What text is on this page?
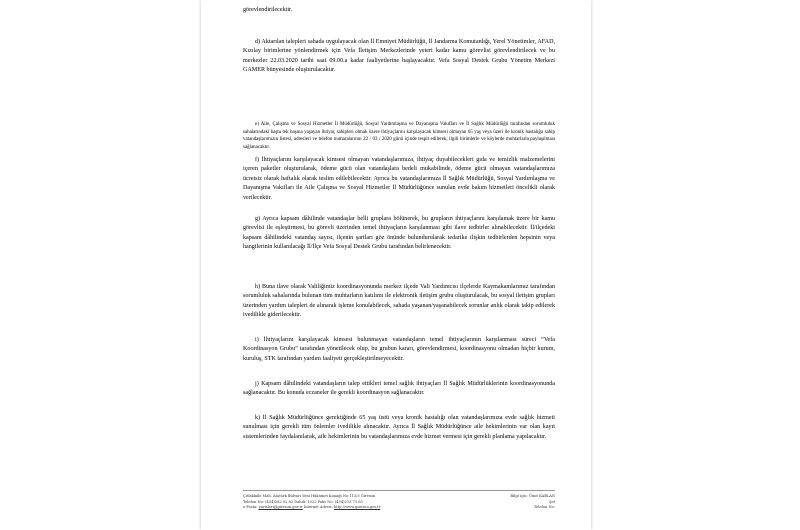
görevlendirilecektir.

d) Aktarılan talepleri sahada uygulayacak olan İl Emniyet Müdürlüğü, İl Jandarma Komutanlığı, Yerel Yönetimler, AFAD, Kızılay birimlerine yönlendirmek için Vefa İletişim Merkezlerinde yeteri kadar kamu görevlisi görevlendirilecek ve bu merkezler 22.03.2020 tarihi saat 09.00.a kadar faaliyetlerine başlayacaktır. Vefa Sosyal Destek Grubu Yönetim Merkezi GAMER bünyesinde oluşturulacaktır.

e) Aile, Çalışma ve Sosyal Hizmetler İl Müdürlüğü, Sosyal Yardımlaşma ve Dayanışma Vakıfları ve İl Sağlık Müdürlüğü tarafından sorumluluk sahalarındaki başta tek başına yaşayan ihtiyaç sahipleri olmak üzere ihtiyaçlarını karşılayacak kimsesi olmayan 65 yaş veya üzeri ile kronik hastalığa sahip vatandaşlarımızın listesi, adresleri ve telefon numaralarının 22 / 03 / 2020 günü içinde tespit edilerek, ilgili birimlerle ve köylerde muhtarlarla paylaşılması sağlanacaktır.

f) İhtiyaçlarını karşılayacak kimsesi olmayan vatandaşlarımıza, ihtiyaç duyabilecekleri gıda ve temizlik malzemelerini içeren paketler oluşturularak, ödeme gücü olan vatandaşlara bedeli mukabilinde, ödeme gücü olmayan vatandaşlarımıza ücretsiz olarak haftalık olarak teslim edilebilecektir. Ayrıca bu vatandaşlarımıza İl Sağlık Müdürlüğü, Sosyal Yardımlaşma ve Dayanışma Vakıfları ile Aile Çalışma ve Sosyal Hizmetler İl Müdürlüğünce sunulan evde bakım hizmetleri öncelikli olarak verilecektir.

g) Ayrıca kapsam dâhilinde vatandaşlar belli gruplara bölünerek, bu grupların ihtiyaçlarını karşılamak üzere bir kamu görevlisi ile eşleştirmesi, bu görevli üzerinden temel ihtiyaçların karşılanması gibi ilave tedbirler alınabilecektir. İl/ilçedeki kapsam dâhilindeki vatandaş sayısı, ilçenin şartları göz önünde bulundurularak tedarike ilişkin tedbirlerden hepsinin veya hangilerinin kullanılacağı İl/İlçe Vefa Sosyal Destek Grubu tarafından belirlenecektir.

h) Buna ilave olarak Valiliğimiz koordinasyonunda merkez ilçede Vali Yardımcısı ilçelerde Kaymakamlarımız tarafından sorumluluk sahalarında bulunan tüm muhtarların katılımı ile elektronik iletişim grubu oluşturulacak, bu sosyal iletişim grupları üzerinden yardım talepleri de alınarak işleme konulabilecek, sahada yaşanan/yaşanabilecek sorunlar anlık olarak takip edilerek ivedilikle giderilecektir.

i) İhtiyaçlarını karşılayacak kimsesi bulunmayan vatandaşların temel ihtiyaçlarının karşılanması süreci “Vefa Koordinasyon Grubu” tarafından yönetilecek olup, bu grubun kararı, görevlendirmesi, koordinasyonu olmadan hiçbir kurum, kuruluş, STK tarafından yardım faaliyeti gerçekleştirilmeyecektir.

j) Kapsam dâhilindeki vatandaşların talep ettikleri temel sağlık ihtiyaçları İl Sağlık Müdürlüklerinin koordinasyonunda sağlanacaktır. Bu konuda eczaneler ile gerekli koordinasyon sağlanacaktır.

k) İl Sağlık Müdürlüğünce gerektiğinde 65 yaş üstü veya kronik hastalığı olan vatandaşlarımıza evde sağlık hizmeti sunulması için gerekli tüm önlemler ivedilikle alınacaktır. Ayrıca İl Sağlık Müdürlüğünce aile hekimlerinin var olan kayıt sistemlerinden faydalanılarak, aile hekimlerinin bu vatandaşlarımıza evde hizmet vermesi için gerekli planlama yapılacaktır.

Çıtlakkale Mah. Atatürk Bulvarı Yeni Hükümet Konağı No:113/3 Giresun
Telefon No: (454)282 02 82 Dahili: 1022 Faks No: (454)215 75 65
e-Posta: yazisleri@giresun.gov.tr İnternet Adresi: http://www.giresun.gov.tr
Bilgi için: Ümit KABLAN
Şef
Telefon No:
